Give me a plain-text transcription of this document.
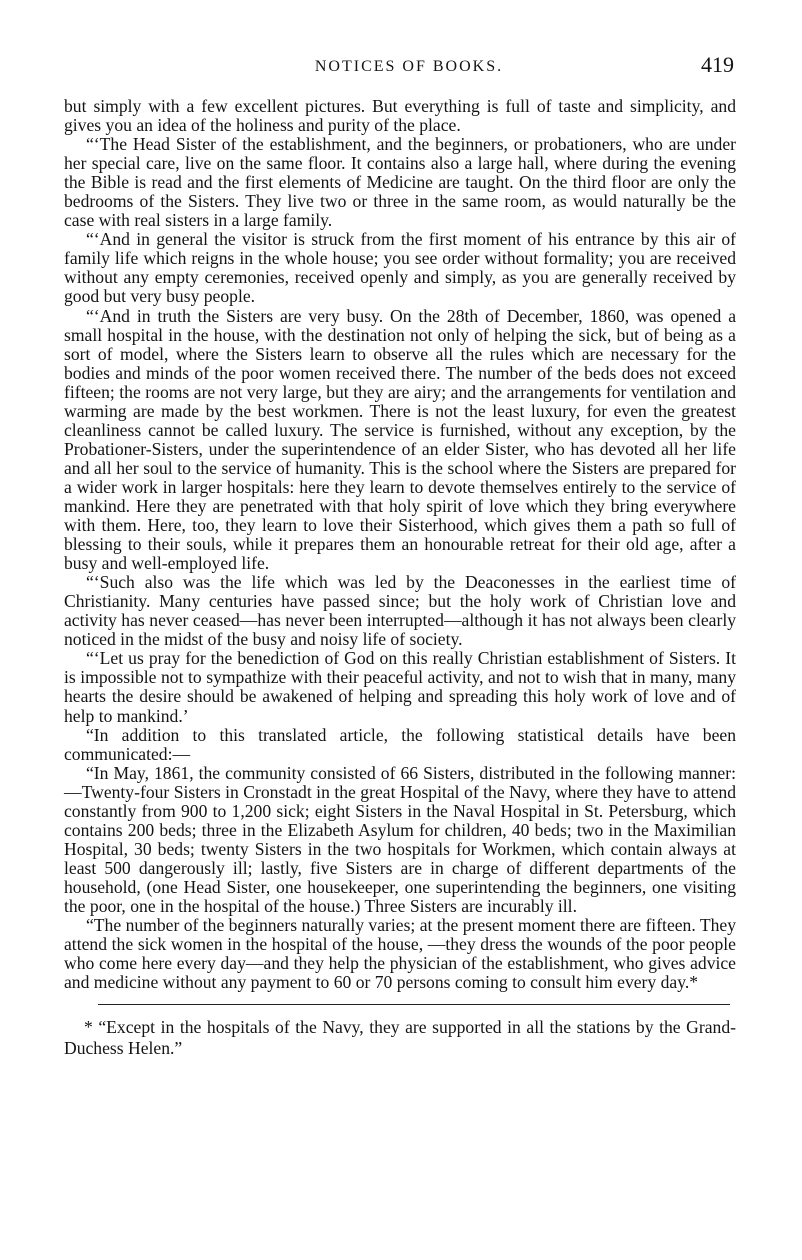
NOTICES OF BOOKS.	419

but simply with a few excellent pictures. But everything is full of taste and simplicity, and gives you an idea of the holiness and purity of the place.

“‘The Head Sister of the establishment, and the beginners, or probationers, who are under her special care, live on the same floor. It contains also a large hall, where during the evening the Bible is read and the first elements of Medicine are taught. On the third floor are only the bedrooms of the Sisters. They live two or three in the same room, as would naturally be the case with real sisters in a large family.

“‘And in general the visitor is struck from the first moment of his entrance by this air of family life which reigns in the whole house; you see order without formality; you are received without any empty ceremonies, received openly and simply, as you are generally received by good but very busy people.

“‘And in truth the Sisters are very busy. On the 28th of December, 1860, was opened a small hospital in the house, with the destination not only of helping the sick, but of being as a sort of model, where the Sisters learn to observe all the rules which are necessary for the bodies and minds of the poor women received there. The number of the beds does not exceed fifteen; the rooms are not very large, but they are airy; and the arrangements for ventilation and warming are made by the best workmen. There is not the least luxury, for even the greatest cleanliness cannot be called luxury. The service is furnished, without any exception, by the Probationer-Sisters, under the superintendence of an elder Sister, who has devoted all her life and all her soul to the service of humanity. This is the school where the Sisters are prepared for a wider work in larger hospitals: here they learn to devote themselves entirely to the service of mankind. Here they are penetrated with that holy spirit of love which they bring everywhere with them. Here, too, they learn to love their Sisterhood, which gives them a path so full of blessing to their souls, while it prepares them an honourable retreat for their old age, after a busy and well-employed life.

“‘Such also was the life which was led by the Deaconesses in the earliest time of Christianity. Many centuries have passed since; but the holy work of Christian love and activity has never ceased—has never been interrupted—although it has not always been clearly noticed in the midst of the busy and noisy life of society.

“‘Let us pray for the benediction of God on this really Christian establishment of Sisters. It is impossible not to sympathize with their peaceful activity, and not to wish that in many, many hearts the desire should be awakened of helping and spreading this holy work of love and of help to mankind.’

“In addition to this translated article, the following statistical details have been communicated:—

“In May, 1861, the community consisted of 66 Sisters, distributed in the following manner:—Twenty-four Sisters in Cronstadt in the great Hospital of the Navy, where they have to attend constantly from 900 to 1,200 sick; eight Sisters in the Naval Hospital in St. Petersburg, which contains 200 beds; three in the Elizabeth Asylum for children, 40 beds; two in the Maximilian Hospital, 30 beds; twenty Sisters in the two hospitals for Workmen, which contain always at least 500 dangerously ill; lastly, five Sisters are in charge of different departments of the household, (one Head Sister, one housekeeper, one superintending the beginners, one visiting the poor, one in the hospital of the house.) Three Sisters are incurably ill.

“The number of the beginners naturally varies; at the present moment there are fifteen. They attend the sick women in the hospital of the house, —they dress the wounds of the poor people who come here every day—and they help the physician of the establishment, who gives advice and medicine without any payment to 60 or 70 persons coming to consult him every day.*

* “Except in the hospitals of the Navy, they are supported in all the stations by the Grand-Duchess Helen.”
